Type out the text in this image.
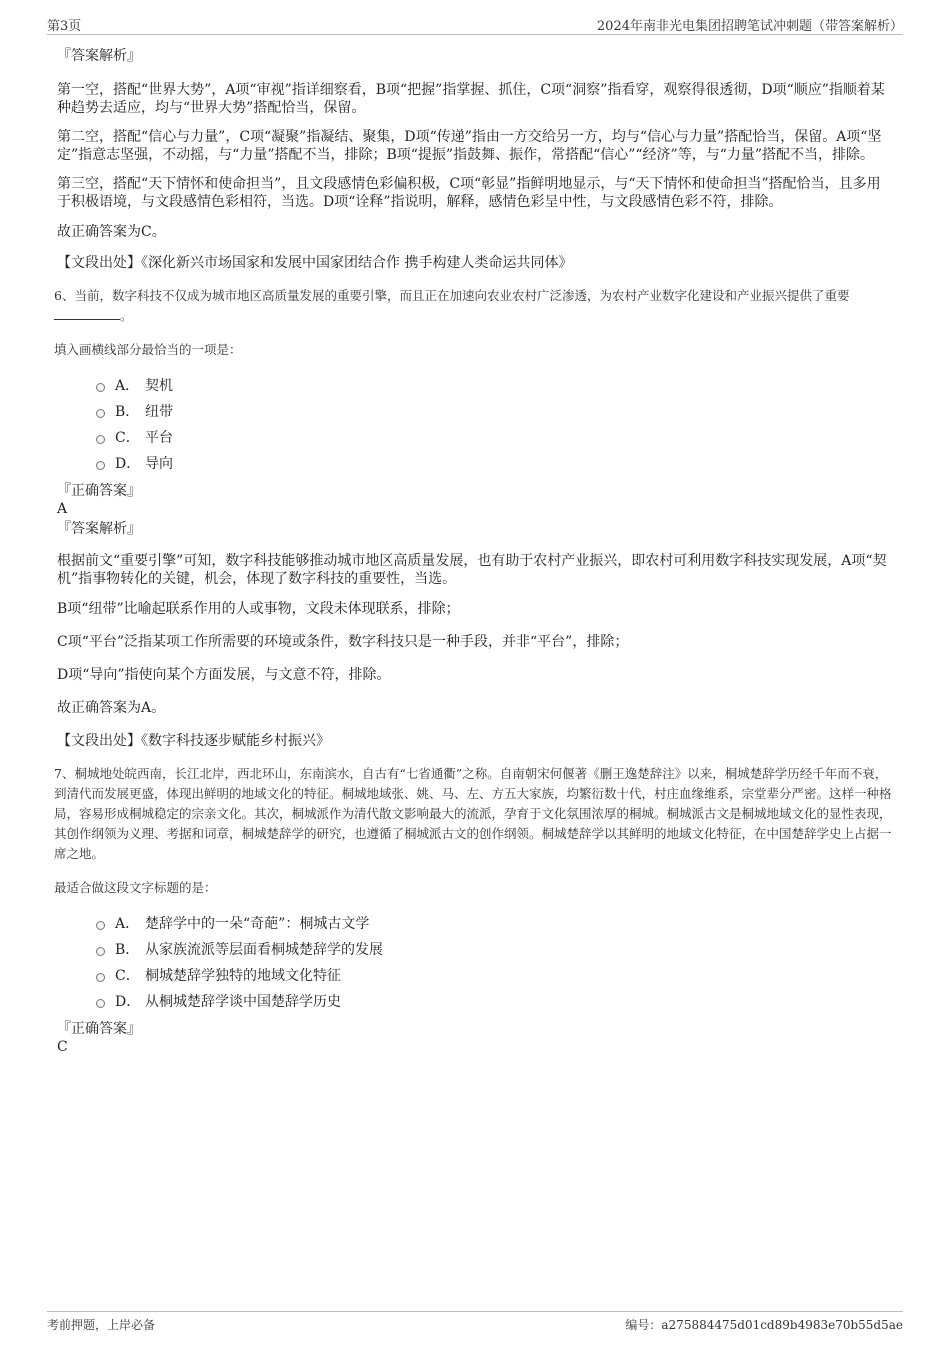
第3页	2024年南非光电集团招聘笔试冲刺题（带答案解析）
『答案解析』
第一空，搭配“世界大势”，A项“审视”指详细察看，B项“把握”指掌握、抓住，C项“洞察”指看穿，观察得很透彻，D项“顺应”指顺着某种趋势去适应，均与“世界大势”搭配恰当，保留。
第二空，搭配“信心与力量”，C项“凝聚”指凝结、聚集，D项“传递”指由一方交给另一方，均与“信心与力量”搭配恰当，保留。A项“坚定”指意志坚强，不动摇，与“力量”搭配不当，排除；B项“提振”指鼓舞、振作，常搭配“信心”“经济”等，与“力量”搭配不当，排除。
第三空，搭配“天下情怀和使命担当”，且文段感情色彩偏积极，C项“彰显”指鲜明地显示，与“天下情怀和使命担当”搭配恰当，且多用于积极语境，与文段感情色彩相符，当选。D项“诠释”指说明，解释，感情色彩呈中性，与文段感情色彩不符，排除。
故正确答案为C。
【文段出处】《深化新兴市场国家和发展中国家团结合作 携手构建人类命运共同体》
6、当前，数字科技不仅成为城市地区高质量发展的重要引擎，而且正在加速向农业农村广泛渗透，为农村产业数字化建设和产业振兴提供了重要。
填入画横线部分最恰当的一项是：
A． 契机
B． 纽带
C． 平台
D． 导向
『正确答案』
A
『答案解析』
根据前文“重要引擎”可知，数字科技能够推动城市地区高质量发展，也有助于农村产业振兴，即农村可利用数字科技实现发展，A项“契机”指事物转化的关键，机会，体现了数字科技的重要性，当选。
B项“纽带”比喻起联系作用的人或事物，文段未体现联系，排除；
C项“平台”泛指某项工作所需要的环境或条件，数字科技只是一种手段，并非“平台”，排除；
D项“导向”指使向某个方面发展，与文意不符，排除。
故正确答案为A。
【文段出处】《数字科技逐步赋能乡村振兴》
7、桐城地处皖西南，长江北岸，西北环山，东南滨水，自古有“七省通衢”之称。自南朝宋何偃著《删王逸楚辞注》以来，桐城楚辞学历经千年而不衰，到清代而发展更盛，体现出鲜明的地域文化的特征。桐城地域张、姚、马、左、方五大家族，均繁衍数十代，村庄血缘维系，宗堂辈分严密。这样一种格局，容易形成桐城稳定的宗亲文化。其次，桐城派作为清代散文影响最大的流派，孕育于文化氛围浓厚的桐城。桐城派古文是桐城地域文化的显性表现，其创作纲领为义理、考据和词章，桐城楚辞学的研究，也遵循了桐城派古文的创作纲领。桐城楚辞学以其鲜明的地域文化特征，在中国楚辞学史上占据一席之地。
最适合做这段文字标题的是：
A． 楚辞学中的一朵“奇葩”：桐城古文学
B． 从家族流派等层面看桐城楚辞学的发展
C． 桐城楚辞学独特的地域文化特征
D． 从桐城楚辞学谈中国楚辞学历史
『正确答案』
C
考前押题，上岸必备	编号：a275884475d01cd89b4983e70b55d5ae
